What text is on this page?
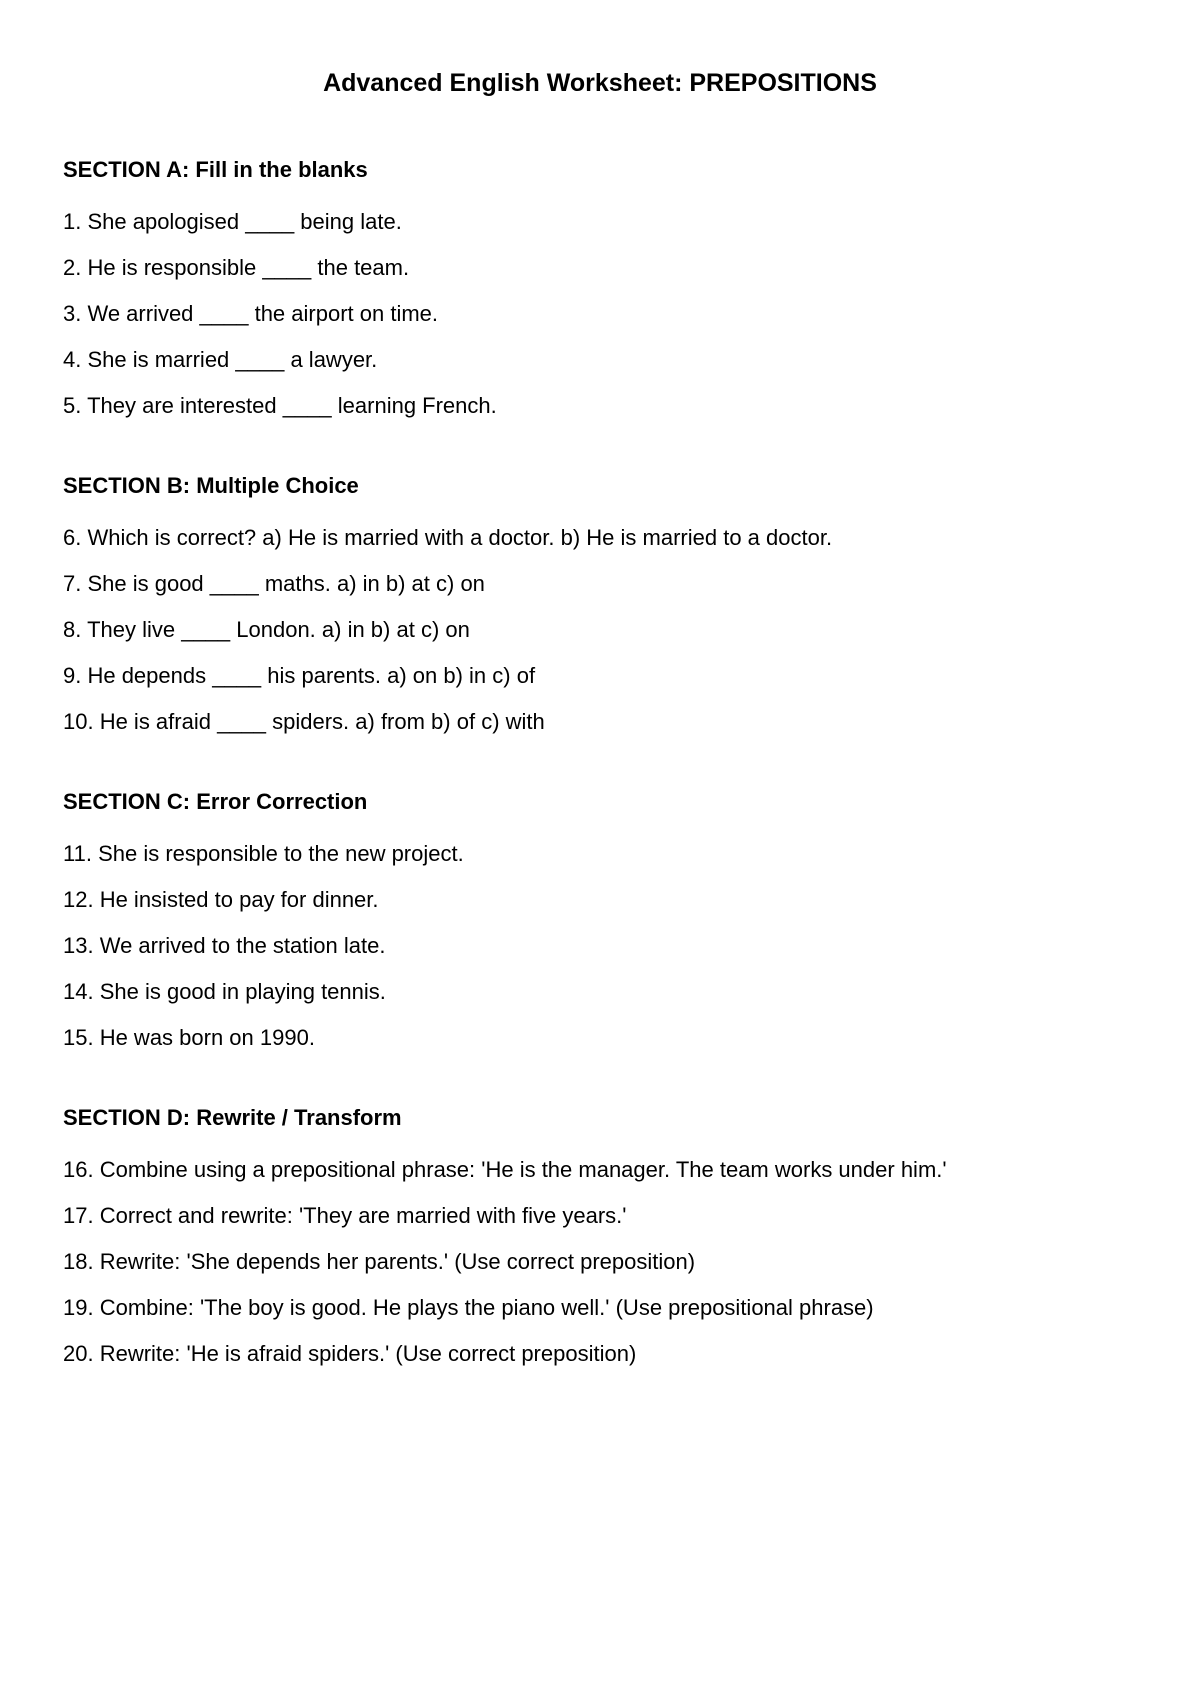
Advanced English Worksheet: PREPOSITIONS
SECTION A: Fill in the blanks
1. She apologised ____ being late.
2. He is responsible ____ the team.
3. We arrived ____ the airport on time.
4. She is married ____ a lawyer.
5. They are interested ____ learning French.
SECTION B: Multiple Choice
6. Which is correct? a) He is married with a doctor. b) He is married to a doctor.
7. She is good ____ maths. a) in b) at c) on
8. They live ____ London. a) in b) at c) on
9. He depends ____ his parents. a) on b) in c) of
10. He is afraid ____ spiders. a) from b) of c) with
SECTION C: Error Correction
11. She is responsible to the new project.
12. He insisted to pay for dinner.
13. We arrived to the station late.
14. She is good in playing tennis.
15. He was born on 1990.
SECTION D: Rewrite / Transform
16. Combine using a prepositional phrase: 'He is the manager. The team works under him.'
17. Correct and rewrite: 'They are married with five years.'
18. Rewrite: 'She depends her parents.' (Use correct preposition)
19. Combine: 'The boy is good. He plays the piano well.' (Use prepositional phrase)
20. Rewrite: 'He is afraid spiders.' (Use correct preposition)
